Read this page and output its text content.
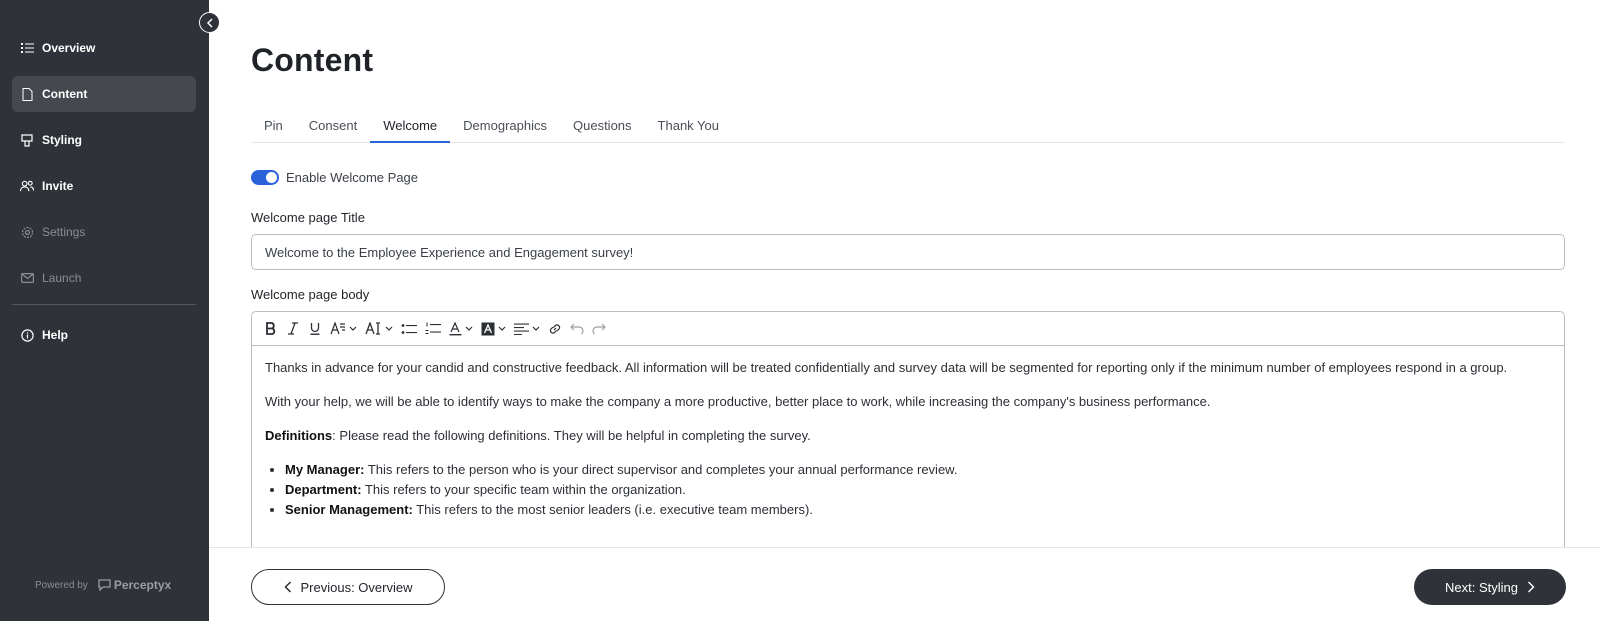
Overview
Content
Styling
Invite
Settings
Launch
Help
Powered by Perceptyx
Content
Pin	Consent	Welcome	Demographics	Questions	Thank You
Enable Welcome Page
Welcome page Title
Welcome to the Employee Experience and Engagement survey!
Welcome page body

Thanks in advance for your candid and constructive feedback. All information will be treated confidentially and survey data will be segmented for reporting only if the minimum number of employees respond in a group.

With your help, we will be able to identify ways to make the company a more productive, better place to work, while increasing the company's business performance.

Definitions: Please read the following definitions. They will be helpful in completing the survey.

• My Manager: This refers to the person who is your direct supervisor and completes your annual performance review.
• Department: This refers to your specific team within the organization.
• Senior Management: This refers to the most senior leaders (i.e. executive team members).
Previous: Overview	Next: Styling
